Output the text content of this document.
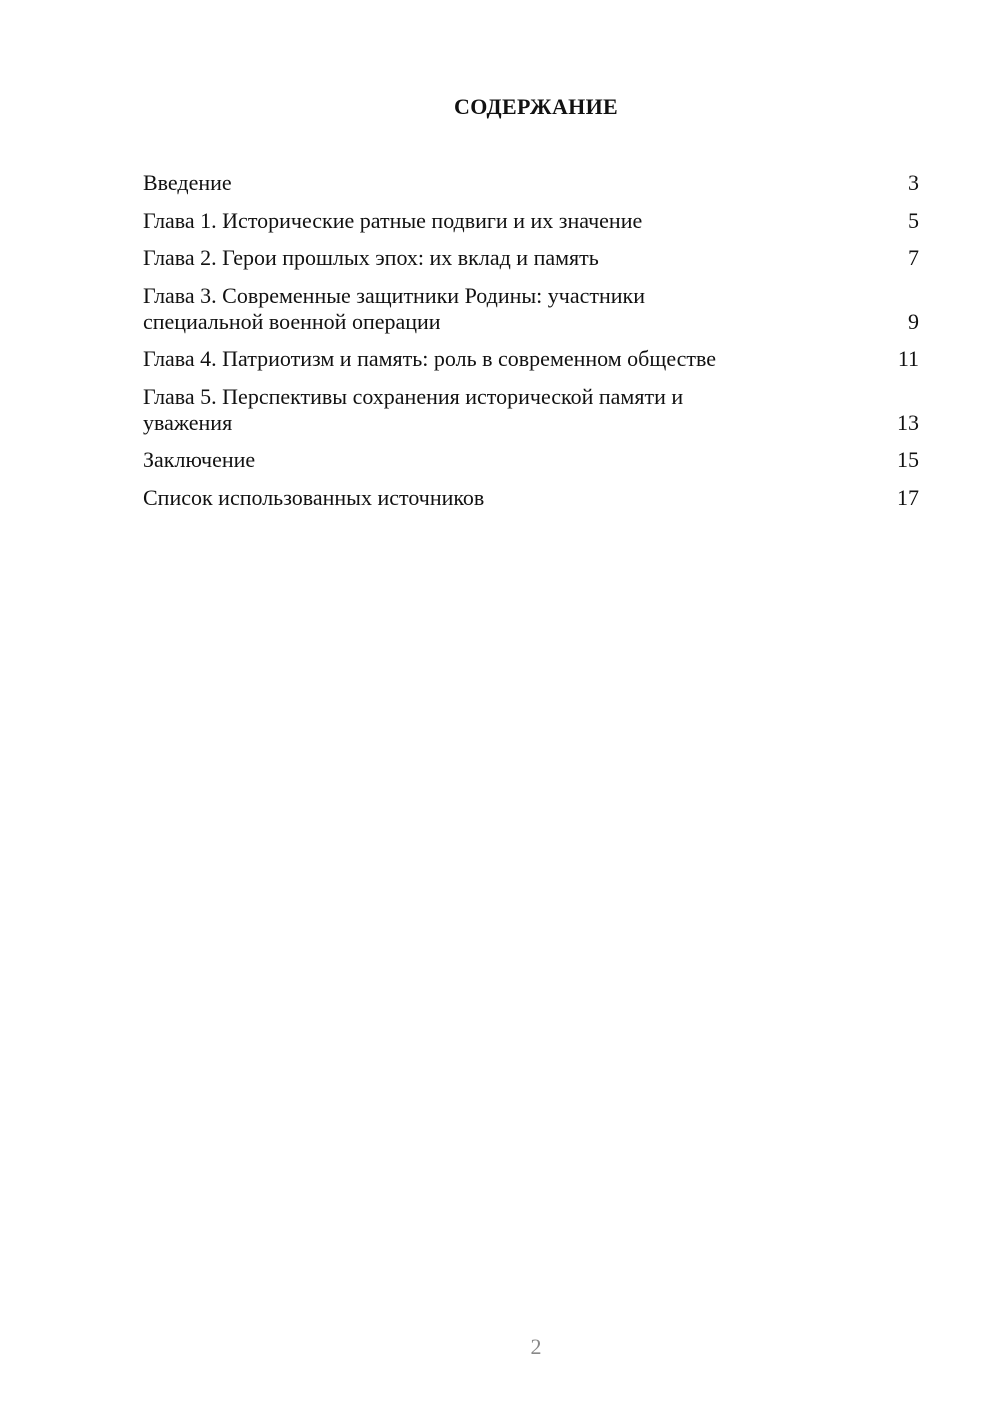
СОДЕРЖАНИЕ
Введение	3
Глава 1. Исторические ратные подвиги и их значение	5
Глава 2. Герои прошлых эпох: их вклад и память	7
Глава 3. Современные защитники Родины: участники специальной военной операции	9
Глава 4. Патриотизм и память: роль в современном обществе	11
Глава 5. Перспективы сохранения исторической памяти и уважения	13
Заключение	15
Список использованных источников	17
2
